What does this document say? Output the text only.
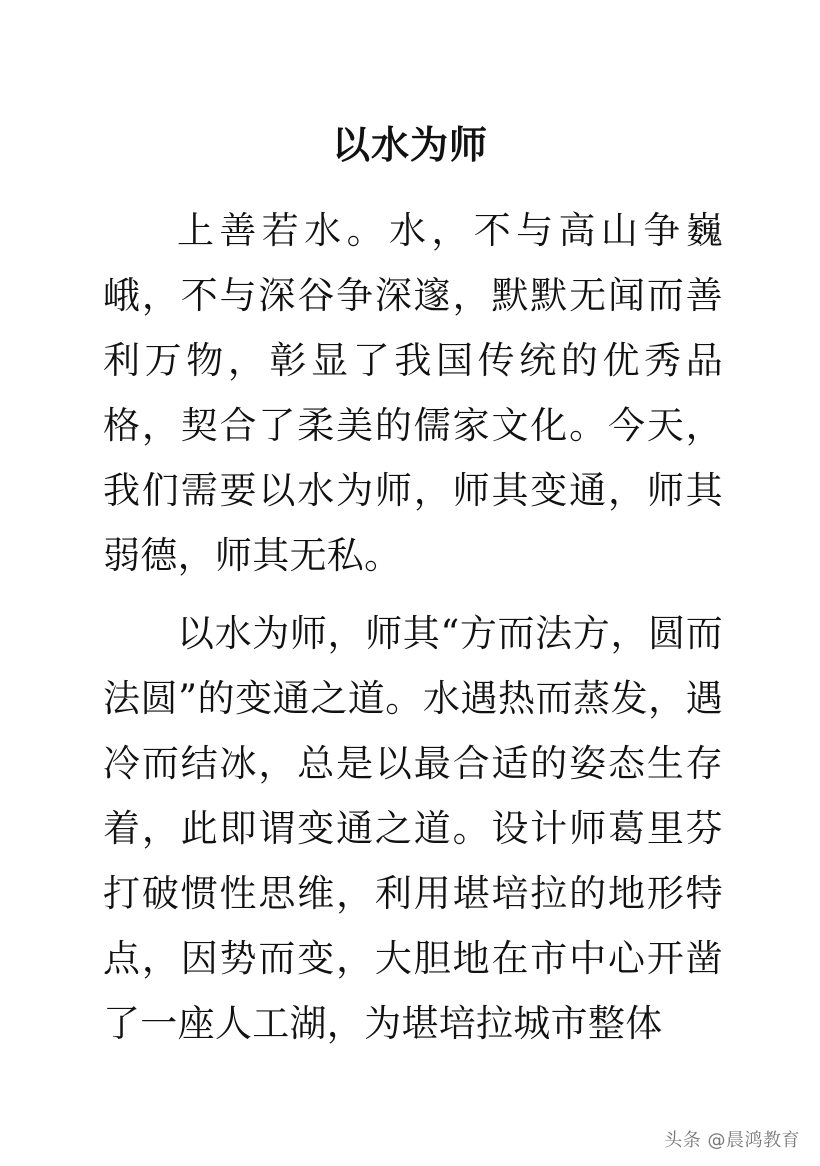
以水为师

上善若水。水，不与高山争巍峨，不与深谷争深邃，默默无闻而善利万物，彰显了我国传统的优秀品格，契合了柔美的儒家文化。今天，我们需要以水为师，师其变通，师其弱德，师其无私。

以水为师，师其“方而法方，圆而法圆”的变通之道。水遇热而蒸发，遇冷而结冰，总是以最合适的姿态生存着，此即谓变通之道。设计师葛里芬打破惯性思维，利用堪培拉的地形特点，因势而变，大胆地在市中心开凿了一座人工湖，为堪培拉城市整体

头条 @晨鸿教育
